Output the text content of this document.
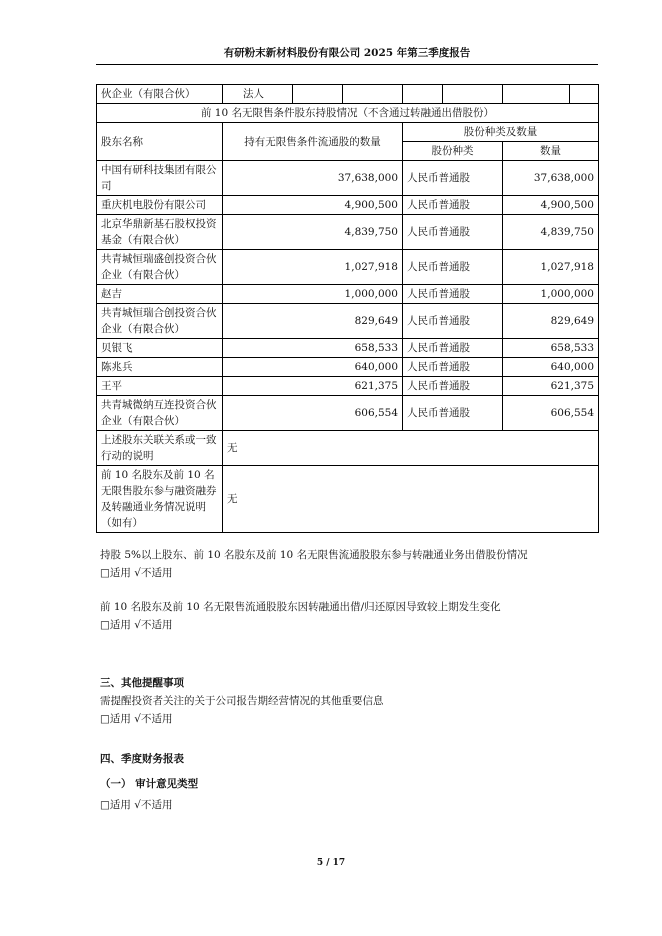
有研粉末新材料股份有限公司 2025 年第三季度报告
伙企业（有限合伙）	法人						
前 10 名无限售条件股东持股情况（不含通过转融通出借股份）							
股东名称	持有无限售条件流通股的数量			股份种类及数量			
				股份种类		数量	
中国有研科技集团有限公司	37,638,000			人民币普通股		37,638,000	
重庆机电股份有限公司	4,900,500			人民币普通股		4,900,500	
北京华鼎新基石股权投资基金（有限合伙）	4,839,750			人民币普通股		4,839,750	
共青城恒瑞盛创投资合伙企业（有限合伙）	1,027,918			人民币普通股		1,027,918	
赵吉	1,000,000			人民币普通股		1,000,000	
共青城恒瑞合创投资合伙企业（有限合伙）	829,649			人民币普通股		829,649	
贝银飞	658,533			人民币普通股		658,533	
陈兆兵	640,000			人民币普通股		640,000	
王平	621,375			人民币普通股		621,375	
共青城微纳互连投资合伙企业（有限合伙）	606,554			人民币普通股		606,554	
上述股东关联关系或一致行动的说明	无						
前 10 名股东及前 10 名无限售股东参与融资融券及转融通业务情况说明（如有）	无						
持股 5%以上股东、前 10 名股东及前 10 名无限售流通股股东参与转融通业务出借股份情况
□适用 √不适用
前 10 名股东及前 10 名无限售流通股股东因转融通出借/归还原因导致较上期发生变化
□适用 √不适用
三、其他提醒事项
需提醒投资者关注的关于公司报告期经营情况的其他重要信息
□适用 √不适用
四、季度财务报表
（一） 审计意见类型
□适用 √不适用
5 / 17
